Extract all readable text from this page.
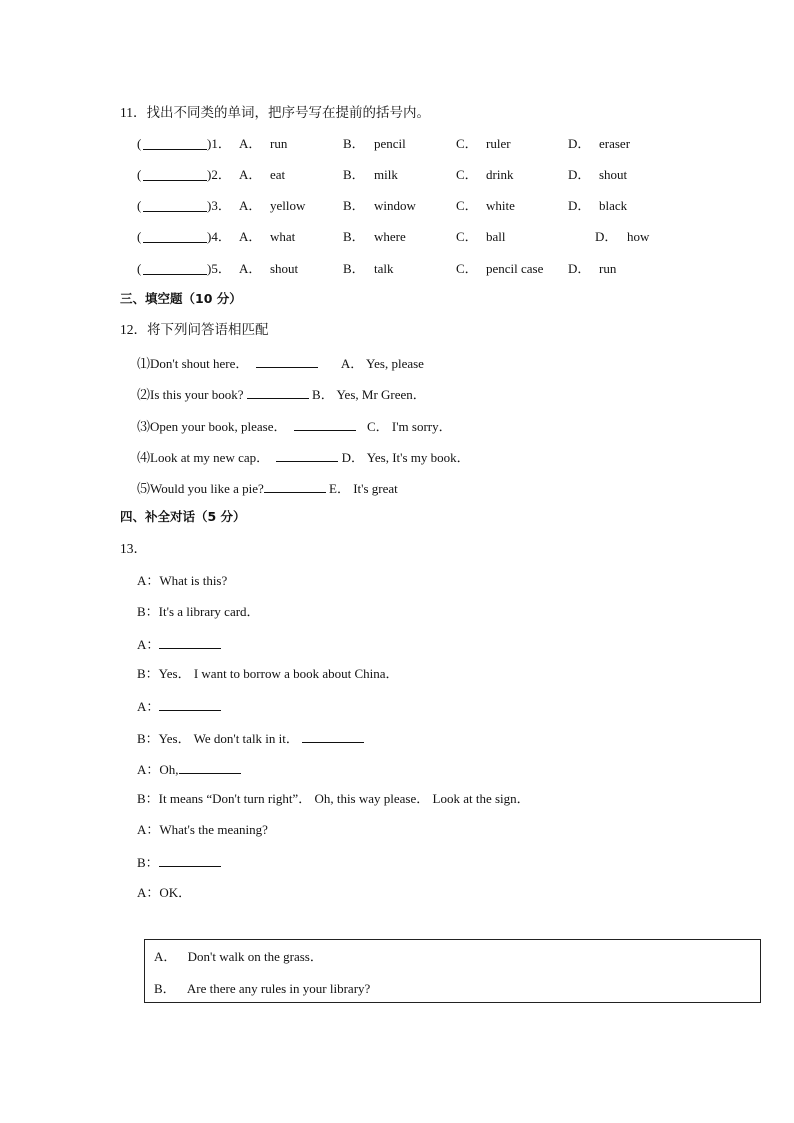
11．找出不同类的单词，把序号写在提前的括号内。
(	)1． A． run	B． pencil	C． ruler	D． eraser
(	)2． A． eat	B． milk	C． drink	D． shout
(	)3． A． yellow	B． window	C． white	D． black
(	)4． A． what	B． where	C． ball	D． how
(	)5． A． shout	B． talk	C． pencil case D． run
三、填空题（10 分）
12．将下列问答语相匹配
⑴Don't shout here．	A． Yes, please
⑵Is this your book?	B． Yes, Mr Green．
⑶Open your book, please．	C． I'm sorry．
⑷Look at my new cap．	D． Yes, It's my book．
⑸Would you like a pie?	E． It's great
四、补全对话（5 分）
13．
A：What is this?
B：It's a library card．
A：
B：Yes． I want to borrow a book about China．
A：
B：Yes． We don't talk in it．
A：Oh,
B：It means “Don't turn right”． Oh, this way please． Look at the sign．
A：What's the meaning?
B：
A：OK．
A． Don't walk on the grass．
B． Are there any rules in your library?
